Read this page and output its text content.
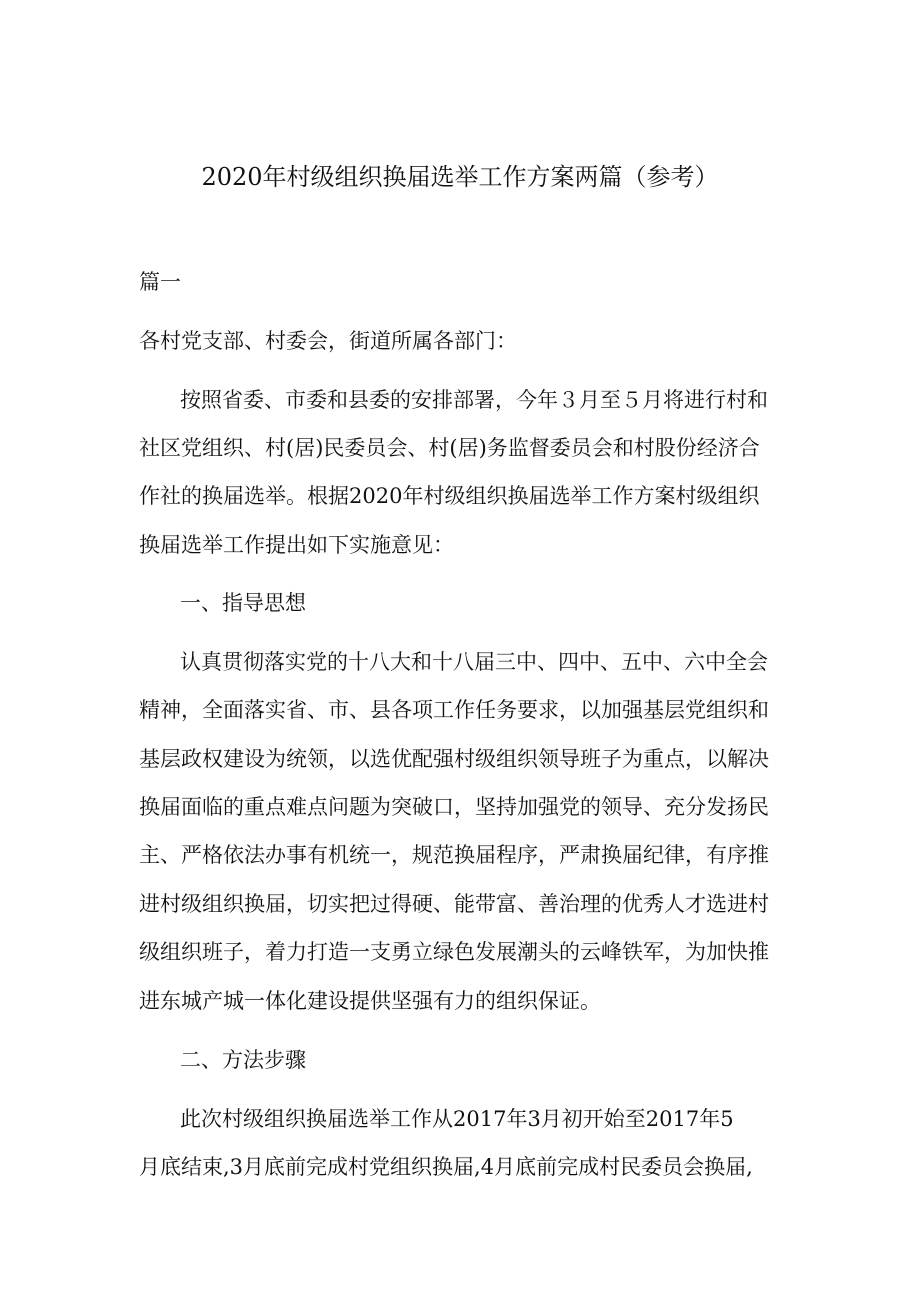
2020年村级组织换届选举工作方案两篇（参考）
篇一
各村党支部、村委会，街道所属各部门：
按照省委、市委和县委的安排部署，今年３月至５月将进行村和
社区党组织、村(居)民委员会、村(居)务监督委员会和村股份经济合
作社的换届选举。根据2020年村级组织换届选举工作方案村级组织
换届选举工作提出如下实施意见：
一、指导思想
认真贯彻落实党的十八大和十八届三中、四中、五中、六中全会
精神，全面落实省、市、县各项工作任务要求，以加强基层党组织和
基层政权建设为统领，以选优配强村级组织领导班子为重点，以解决
换届面临的重点难点问题为突破口，坚持加强党的领导、充分发扬民
主、严格依法办事有机统一，规范换届程序，严肃换届纪律，有序推
进村级组织换届，切实把过得硬、能带富、善治理的优秀人才选进村
级组织班子，着力打造一支勇立绿色发展潮头的云峰铁军，为加快推
进东城产城一体化建设提供坚强有力的组织保证。
二、方法步骤
此次村级组织换届选举工作从2017年3月初开始至2017年5
月底结束,3月底前完成村党组织换届,4月底前完成村民委员会换届,
